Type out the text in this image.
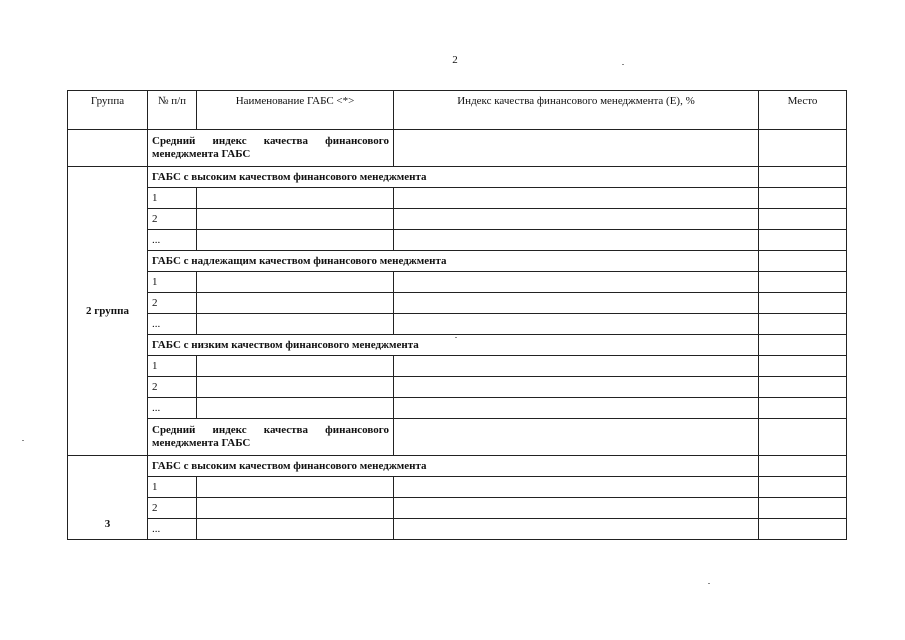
2
Группа	№ п/п	Наименование ГАБС <*>	Индекс качества финансового менеджмента (E), %	Место
	Средний индекс качества финансового менеджмента ГАБС			
2 группа	ГАБС с высоким качеством финансового менеджмента			
	1			
	2			
	...			
	ГАБС с надлежащим качеством финансового менеджмента			
	1			
	2			
	...			
	ГАБС с низким качеством финансового менеджмента			
	1			
	2			
	...			
	Средний индекс качества финансового менеджмента ГАБС			
3	ГАБС с высоким качеством финансового менеджмента			
	1			
	2			
	...			
